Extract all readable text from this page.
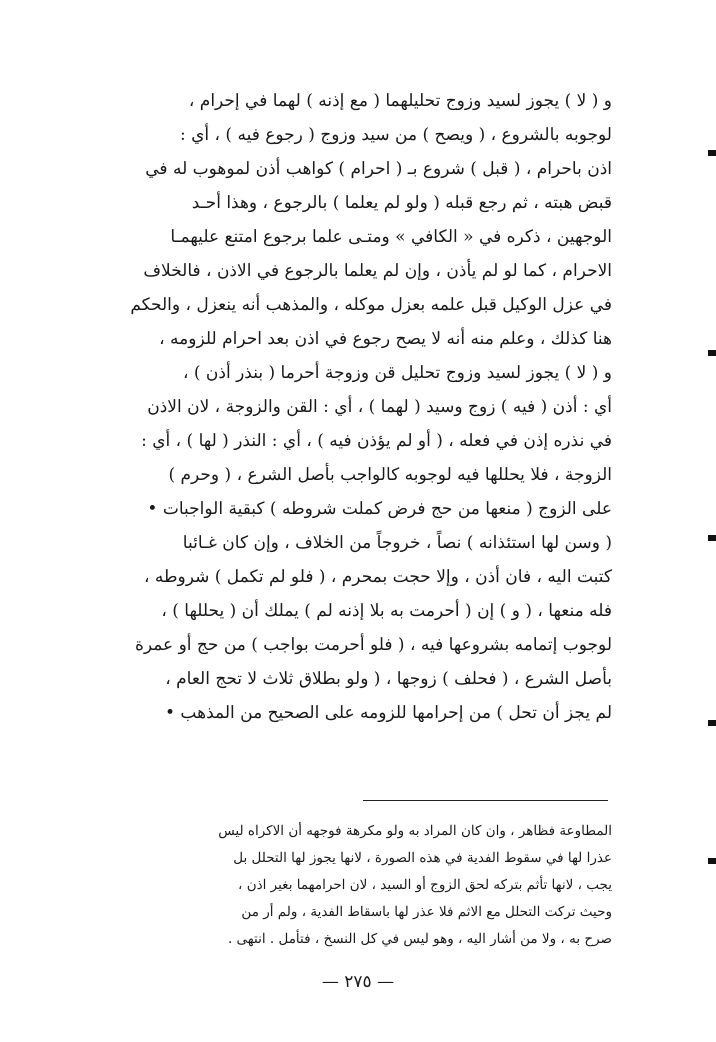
و ( لا ) يجوز لسيد وزوج تحليلهما ( مع إذنه ) لهما في إحرام ،
لوجوبه بالشروع ، ( ويصح ) من سيد وزوج ( رجوع فيه ) ، أي :
اذن باحرام ، ( قبل ) شروع بـ ( احرام ) كواهب أذن لموهوب له في
قبض هبته ، ثم رجع قبله ( ولو لم يعلما ) بالرجوع ، وهذا أحـد
الوجهين ، ذكره في « الكافي » ومتـى علما برجوع امتنع عليهمـا
الاحرام ، كما لو لم يأذن ، وإن لم يعلما بالرجوع في الاذن ، فالخلاف
في عزل الوكيل قبل علمه بعزل موكله ، والمذهب أنه ينعزل ، والحكم
هنا كذلك ، وعلم منه أنه لا يصح رجوع في اذن بعد احرام للزومه ،
و ( لا ) يجوز لسيد وزوج تحليل قن وزوجة أحرما ( بنذر أذن ) ،
أي : أذن ( فيه ) زوج وسيد ( لهما ) ، أي : القن والزوجة ، لان الاذن
في نذره إذن في فعله ، ( أو لم يؤذن فيه ) ، أي : النذر ( لها ) ، أي :
الزوجة ، فلا يحللها فيه لوجوبه كالواجب بأصل الشرع ، ( وحرم )
على الزوج ( منعها من حج فرض كملت شروطه ) كبقية الواجبات •
( وسن لها استئذانه ) نصاً ، خروجاً من الخلاف ، وإن كان غـائبا
كتبت اليه ، فان أذن ، وإلا حجت بمحرم ، ( فلو لم تكمل ) شروطه ،
فله منعها ، ( و ) إن ( أحرمت به بلا إذنه لم ) يملك أن ( يحللها ) ،
لوجوب إتمامه بشروعها فيه ، ( فلو أحرمت بواجب ) من حج أو عمرة
بأصل الشرع ، ( فحلف ) زوجها ، ( ولو بطلاق ثلاث لا تحج العام ،
لم يجز أن تحل ) من إحرامها للزومه على الصحيح من المذهب •
المطاوعة فظاهر ، وان كان المراد به ولو مكرهة فوجهه أن الاكراه ليس
عذرا لها في سقوط الفدية في هذه الصورة ، لانها يجوز لها التحلل بل
يجب ، لانها تأثم بتركه لحق الزوج أو السيد ، لان احرامهما بغير اذن ،
وحيث تركت التحلل مع الاثم فلا عذر لها باسقاط الفدية ، ولم أر من
صرح به ، ولا من أشار اليه ، وهو ليس في كل النسخ ، فتأمل . انتهى .
— ٢٧٥ —
